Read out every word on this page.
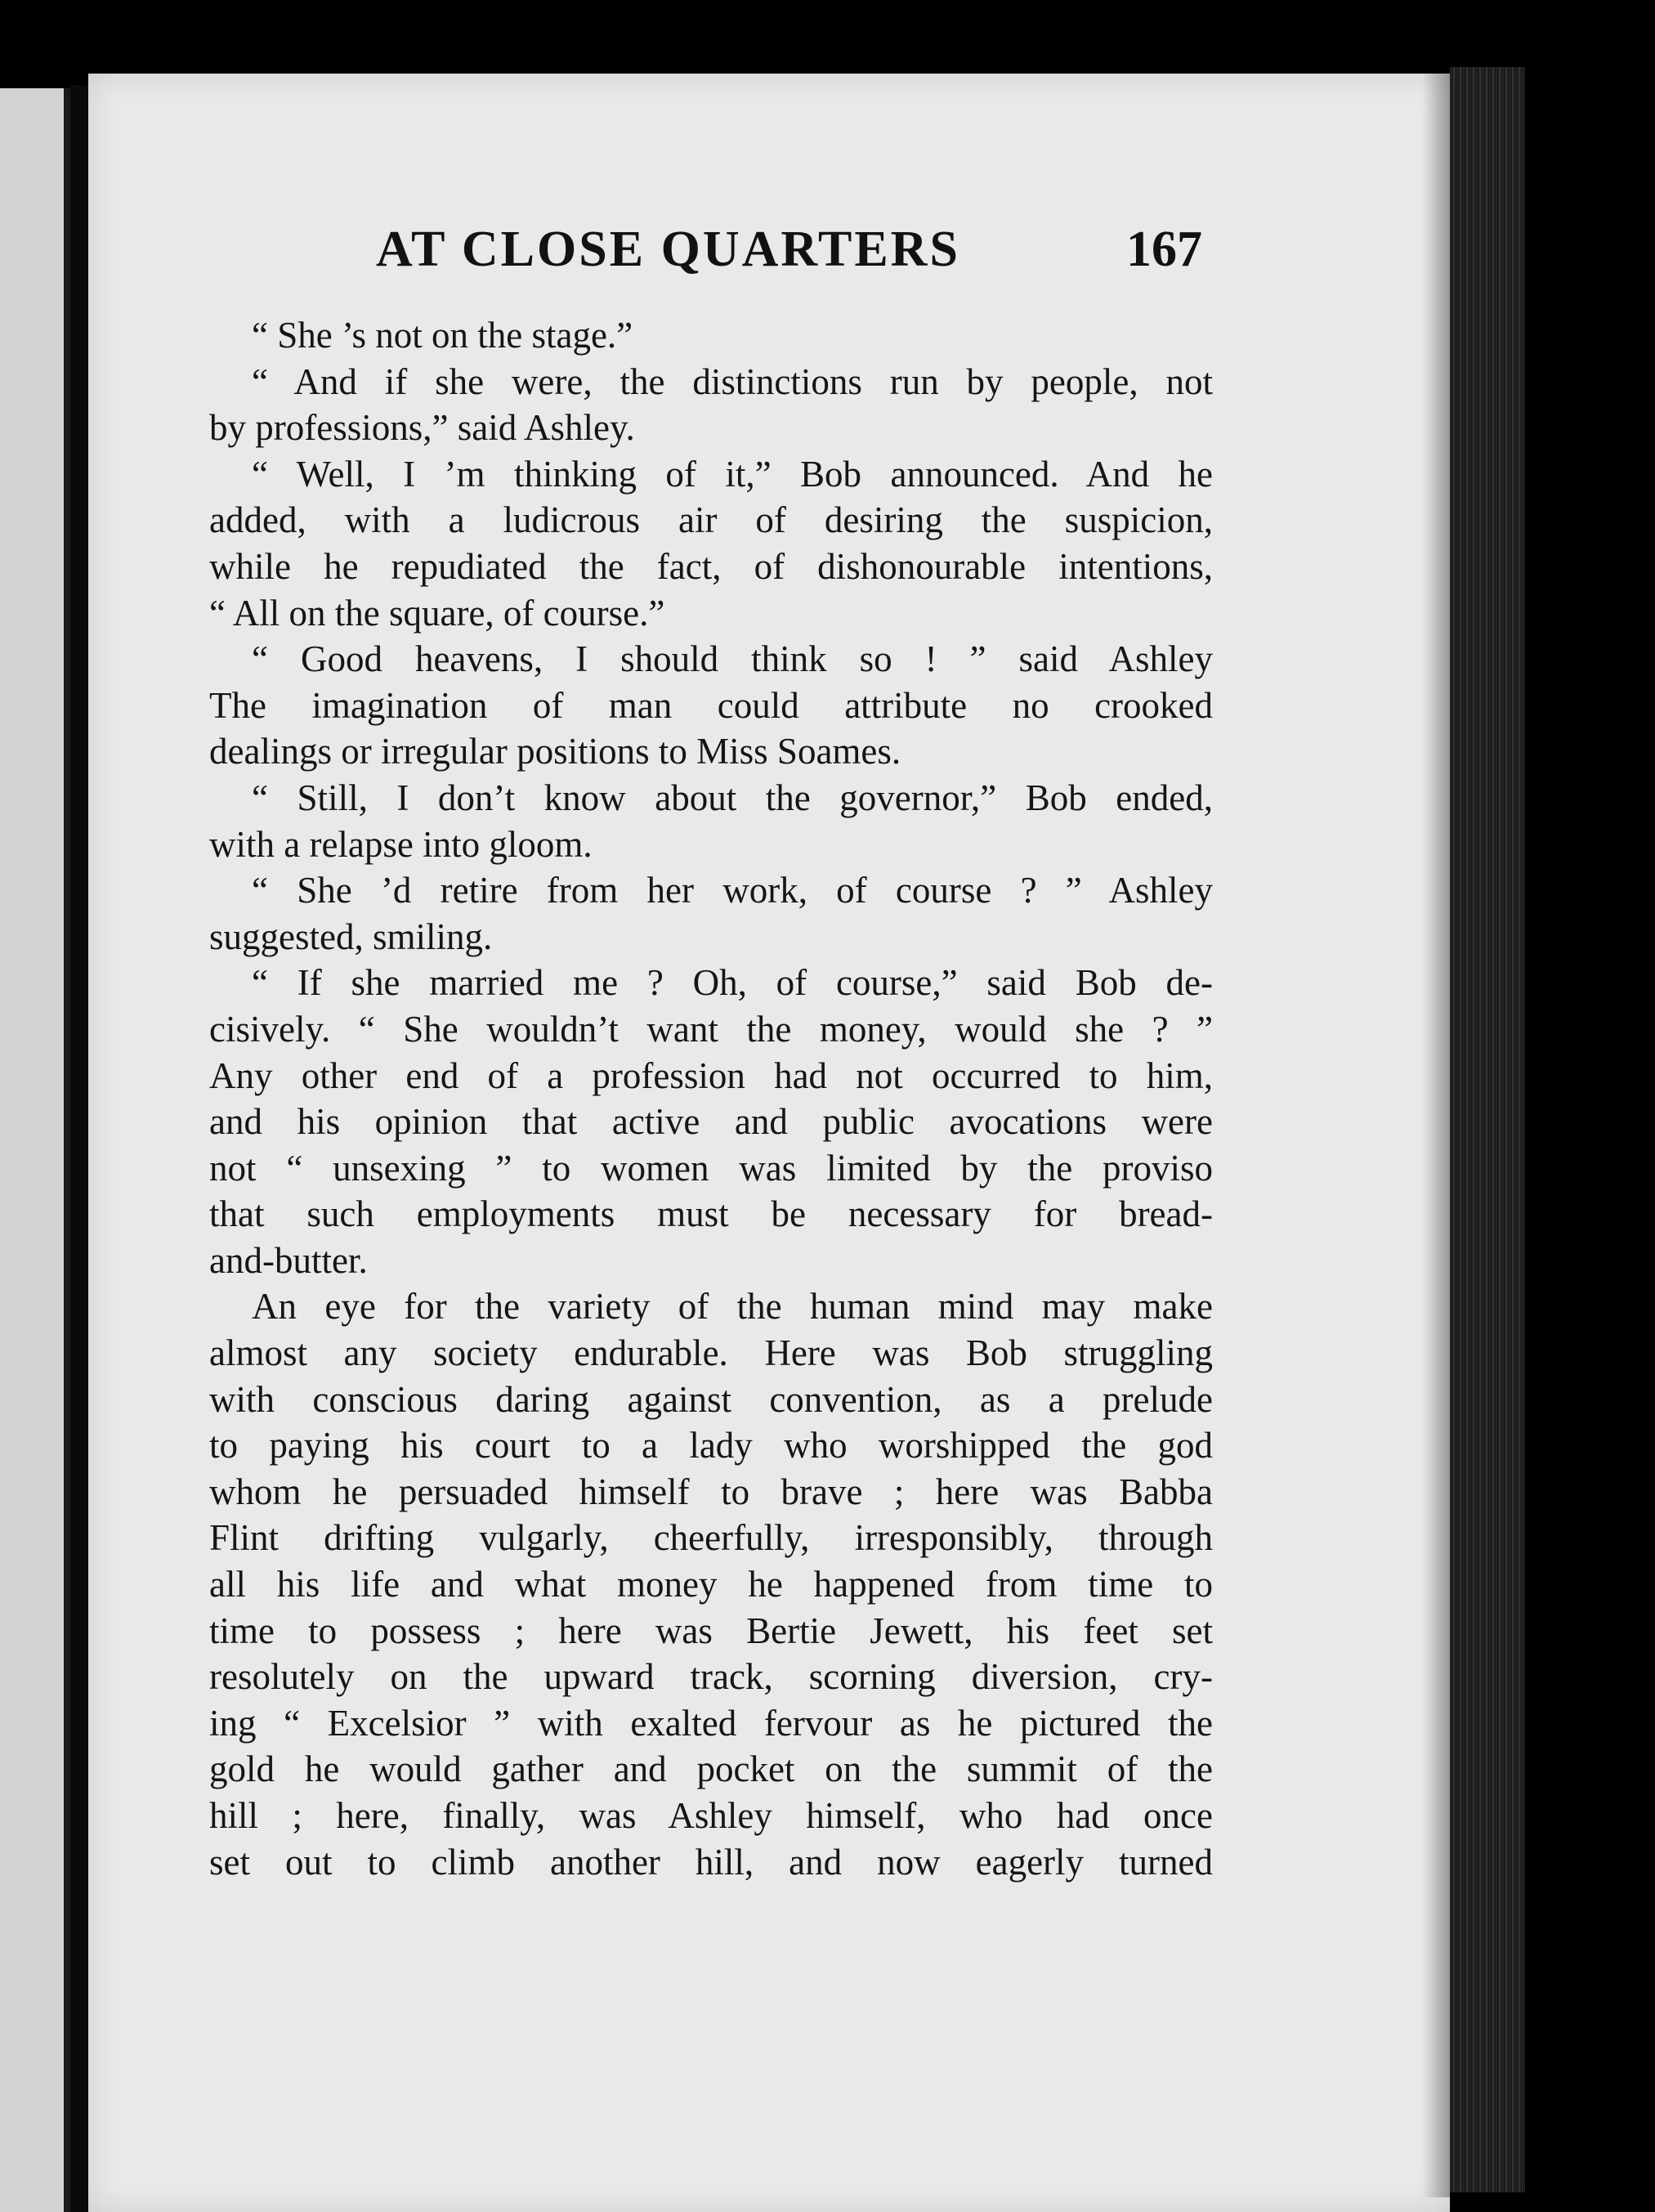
AT CLOSE QUARTERS	167
“ She ’s not on the stage.”
“ And if she were, the distinctions run by people, not
by professions,” said Ashley.
“ Well, I ’m thinking of it,” Bob announced. And he
added, with a ludicrous air of desiring the suspicion,
while he repudiated the fact, of dishonourable intentions,
“ All on the square, of course.”
“ Good heavens, I should think so ! ” said Ashley
The imagination of man could attribute no crooked
dealings or irregular positions to Miss Soames.
“ Still, I don’t know about the governor,” Bob ended,
with a relapse into gloom.
“ She ’d retire from her work, of course ? ” Ashley
suggested, smiling.
“ If she married me ? Oh, of course,” said Bob de-
cisively. “ She wouldn’t want the money, would she ? ”
Any other end of a profession had not occurred to him,
and his opinion that active and public avocations were
not “ unsexing ” to women was limited by the proviso
that such employments must be necessary for bread-
and-butter.
An eye for the variety of the human mind may make
almost any society endurable. Here was Bob struggling
with conscious daring against convention, as a prelude
to paying his court to a lady who worshipped the god
whom he persuaded himself to brave ; here was Babba
Flint drifting vulgarly, cheerfully, irresponsibly, through
all his life and what money he happened from time to
time to possess ; here was Bertie Jewett, his feet set
resolutely on the upward track, scorning diversion, cry-
ing “ Excelsior ” with exalted fervour as he pictured the
gold he would gather and pocket on the summit of the
hill ; here, finally, was Ashley himself, who had once
set out to climb another hill, and now eagerly turned
